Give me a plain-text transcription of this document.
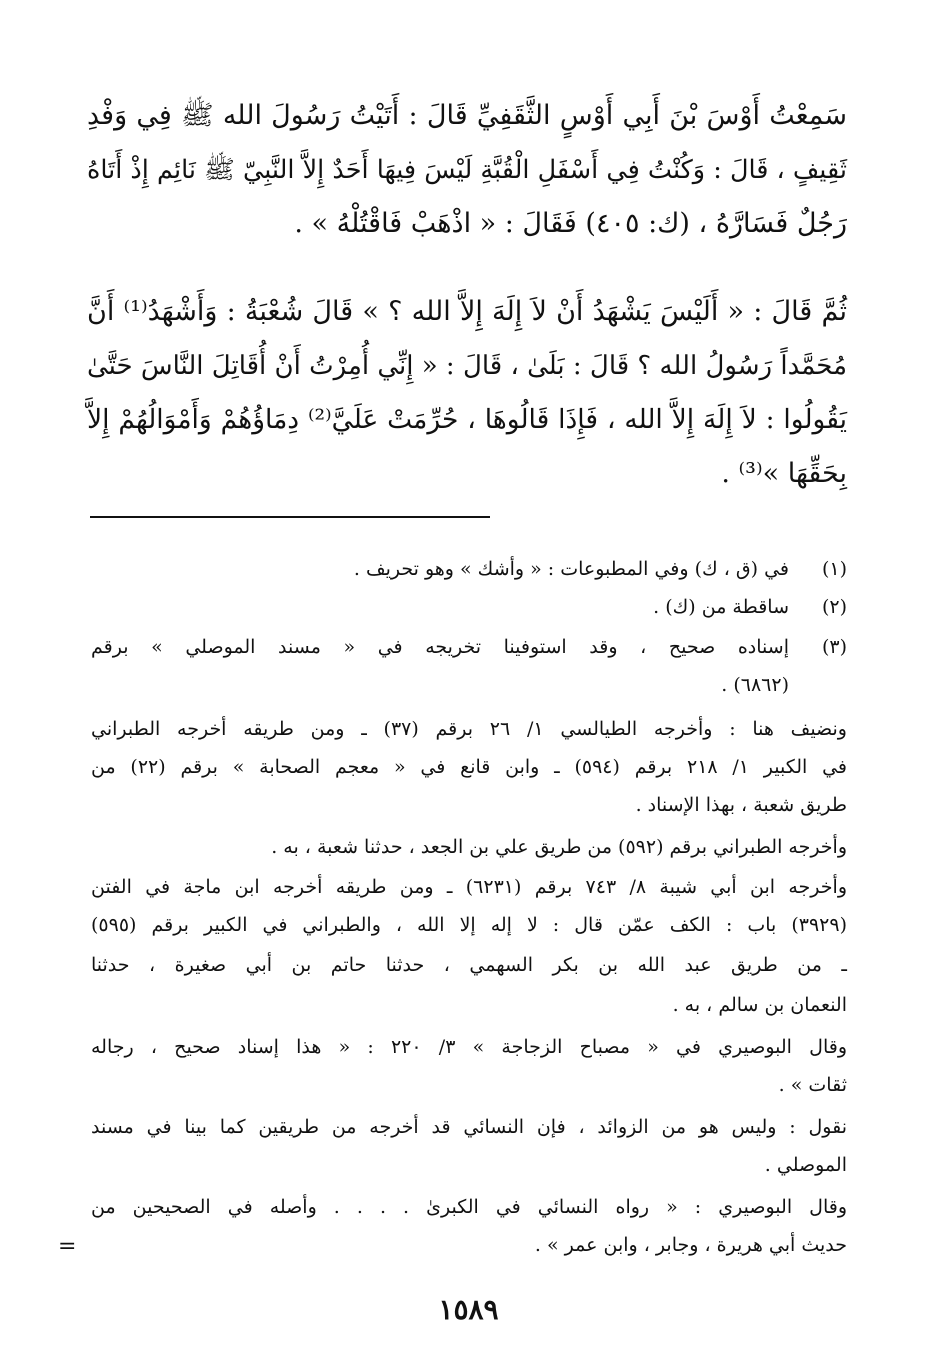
سَمِعْتُ أَوْسَ بْنَ أَبِي أَوْسٍ الثَّقَفِيِّ قَالَ : أَتَيْتُ رَسُولَ الله ﷺ فِي وَفْدِ
ثَقِيفٍ ، قَالَ : وَكُنْتُ فِي أَسْفَلِ الْقُبَّةِ لَيْسَ فِيهَا أَحَدٌ إِلاَّ النَّبِيّ ﷺ نَائِم إِذْ أَتَاهُ
رَجُلٌ فَسَارَّهُ ، (ك: ٤٠٥) فَقَالَ : « اذْهَبْ فَاقْتُلْهُ » .
ثُمَّ قَالَ : « أَلَيْسَ يَشْهَدُ أَنْ لاَ إِلَهَ إِلاَّ الله ؟ » قَالَ شُعْبَةُ : وَأَشْهَدُ⁽¹⁾ أَنَّ
مُحَمَّداً رَسُولُ الله ؟ قَالَ : بَلَىٰ ، قَالَ : « إِنِّي أُمِرْتُ أَنْ أُقَاتِلَ النَّاسَ حَتَّىٰ
يَقُولُوا : لاَ إِلَهَ إِلاَّ الله ، فَإِذَا قَالُوهَا ، حُرِّمَتْ عَلَيَّ⁽²⁾ دِمَاؤُهُمْ وَأَمْوَالُهُمْ إِلاَّ
بِحَقِّهَا »⁽³⁾ .
(١)
في (ق ، ك) وفي المطبوعات : « وأشك » وهو تحريف .
(٢)
ساقطة من (ك) .
(٣)
إسناده صحيح ، وقد استوفينا تخريجه في « مسند الموصلي » برقم
(٦٨٦٢) .
ونضيف هنا : وأخرجه الطيالسي ١/ ٢٦ برقم (٣٧) ـ ومن طريقه أخرجه الطبراني
في الكبير ١/ ٢١٨ برقم (٥٩٤) ـ وابن قانع في « معجم الصحابة » برقم (٢٢) من
طريق شعبة ، بهذا الإسناد .
وأخرجه الطبراني برقم (٥٩٢) من طريق علي بن الجعد ، حدثنا شعبة ، به .
وأخرجه ابن أبي شيبة ٨/ ٧٤٣ برقم (٦٢٣١) ـ ومن طريقه أخرجه ابن ماجة في الفتن
(٣٩٢٩) باب : الكف عمّن قال : لا إله إلا الله ، والطبراني في الكبير برقم (٥٩٥)
ـ من طريق عبد الله بن بكر السهمي ، حدثنا حاتم بن أبي صغيرة ، حدثنا
النعمان بن سالم ، به .
وقال البوصيري في « مصباح الزجاجة » ٣/ ٢٢٠ : « هذا إسناد صحيح ، رجاله
ثقات » .
نقول : وليس هو من الزوائد ، فإن النسائي قد أخرجه من طريقين كما بينا في مسند
الموصلي .
وقال البوصيري : « رواه النسائي في الكبرىٰ . . . . وأصله في الصحيحين من
حديث أبي هريرة ، وجابر ، وابن عمر » .
=
١٥٨٩
